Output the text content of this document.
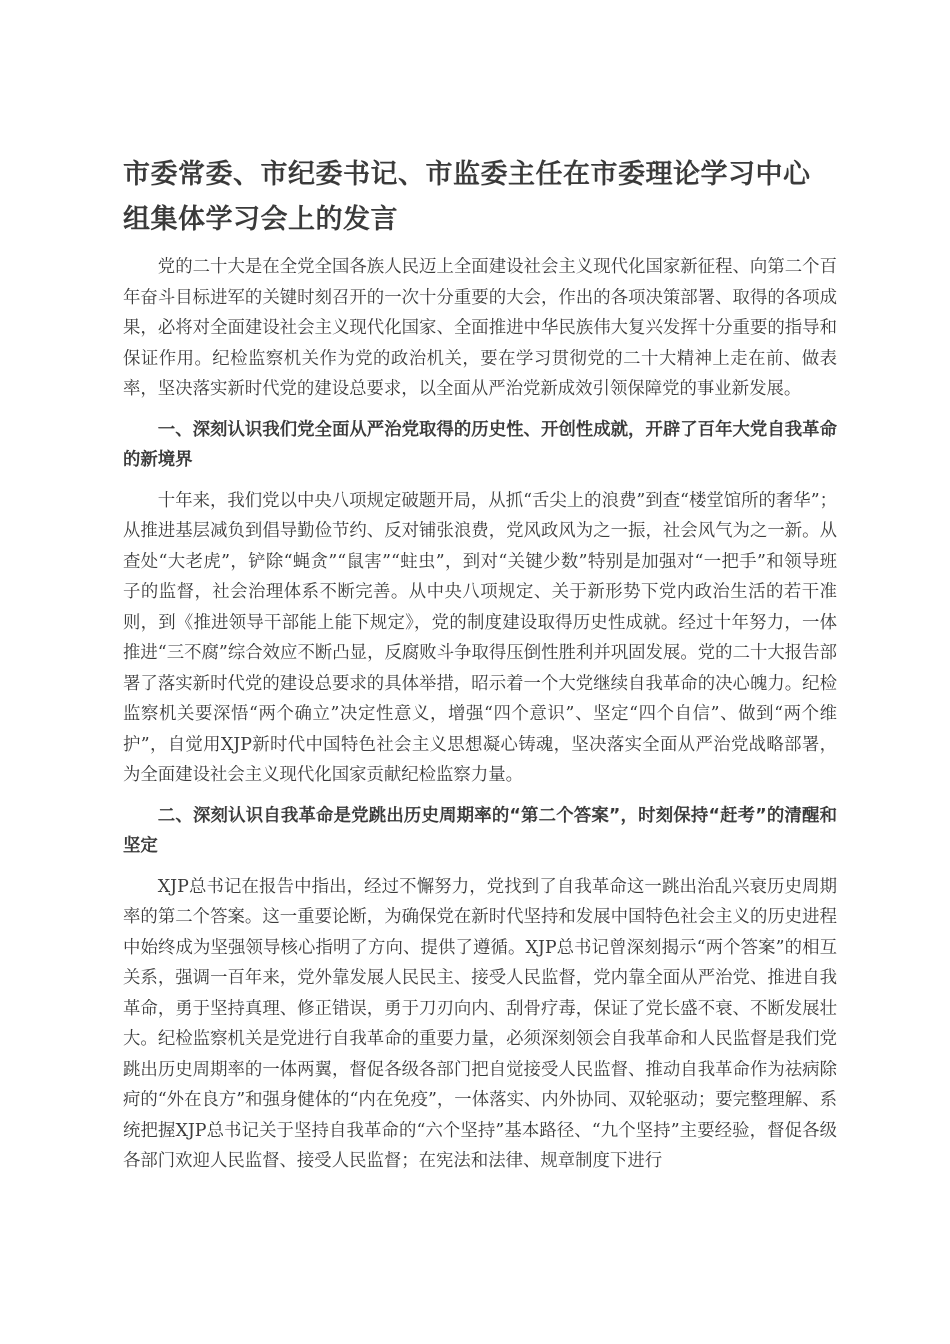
市委常委、市纪委书记、市监委主任在市委理论学习中心组集体学习会上的发言

党的二十大是在全党全国各族人民迈上全面建设社会主义现代化国家新征程、向第二个百年奋斗目标进军的关键时刻召开的一次十分重要的大会，作出的各项决策部署、取得的各项成果，必将对全面建设社会主义现代化国家、全面推进中华民族伟大复兴发挥十分重要的指导和保证作用。纪检监察机关作为党的政治机关，要在学习贯彻党的二十大精神上走在前、做表率，坚决落实新时代党的建设总要求，以全面从严治党新成效引领保障党的事业新发展。

一、深刻认识我们党全面从严治党取得的历史性、开创性成就，开辟了百年大党自我革命的新境界

十年来，我们党以中央八项规定破题开局，从抓“舌尖上的浪费”到查“楼堂馆所的奢华”；从推进基层减负到倡导勤俭节约、反对铺张浪费，党风政风为之一振，社会风气为之一新。从查处“大老虎”，铲除“蝇贪”“鼠害”“蛀虫”，到对“关键少数”特别是加强对“一把手”和领导班子的监督，社会治理体系不断完善。从中央八项规定、关于新形势下党内政治生活的若干准则，到《推进领导干部能上能下规定》，党的制度建设取得历史性成就。经过十年努力，一体推进“三不腐”综合效应不断凸显，反腐败斗争取得压倒性胜利并巩固发展。党的二十大报告部署了落实新时代党的建设总要求的具体举措，昭示着一个大党继续自我革命的决心魄力。纪检监察机关要深悟“两个确立”决定性意义，增强“四个意识”、坚定“四个自信”、做到“两个维护”，自觉用XJP新时代中国特色社会主义思想凝心铸魂，坚决落实全面从严治党战略部署，为全面建设社会主义现代化国家贡献纪检监察力量。

二、深刻认识自我革命是党跳出历史周期率的“第二个答案”，时刻保持“赶考”的清醒和坚定

XJP总书记在报告中指出，经过不懈努力，党找到了自我革命这一跳出治乱兴衰历史周期率的第二个答案。这一重要论断，为确保党在新时代坚持和发展中国特色社会主义的历史进程中始终成为坚强领导核心指明了方向、提供了遵循。XJP总书记曾深刻揭示“两个答案”的相互关系，强调一百年来，党外靠发展人民民主、接受人民监督，党内靠全面从严治党、推进自我革命，勇于坚持真理、修正错误，勇于刀刃向内、刮骨疗毒，保证了党长盛不衰、不断发展壮大。纪检监察机关是党进行自我革命的重要力量，必须深刻领会自我革命和人民监督是我们党跳出历史周期率的一体两翼，督促各级各部门把自觉接受人民监督、推动自我革命作为祛病除疴的“外在良方”和强身健体的“内在免疫”，一体落实、内外协同、双轮驱动；要完整理解、系统把握XJP总书记关于坚持自我革命的“六个坚持”基本路径、“九个坚持”主要经验，督促各级各部门欢迎人民监督、接受人民监督；在宪法和法律、规章制度下进行
